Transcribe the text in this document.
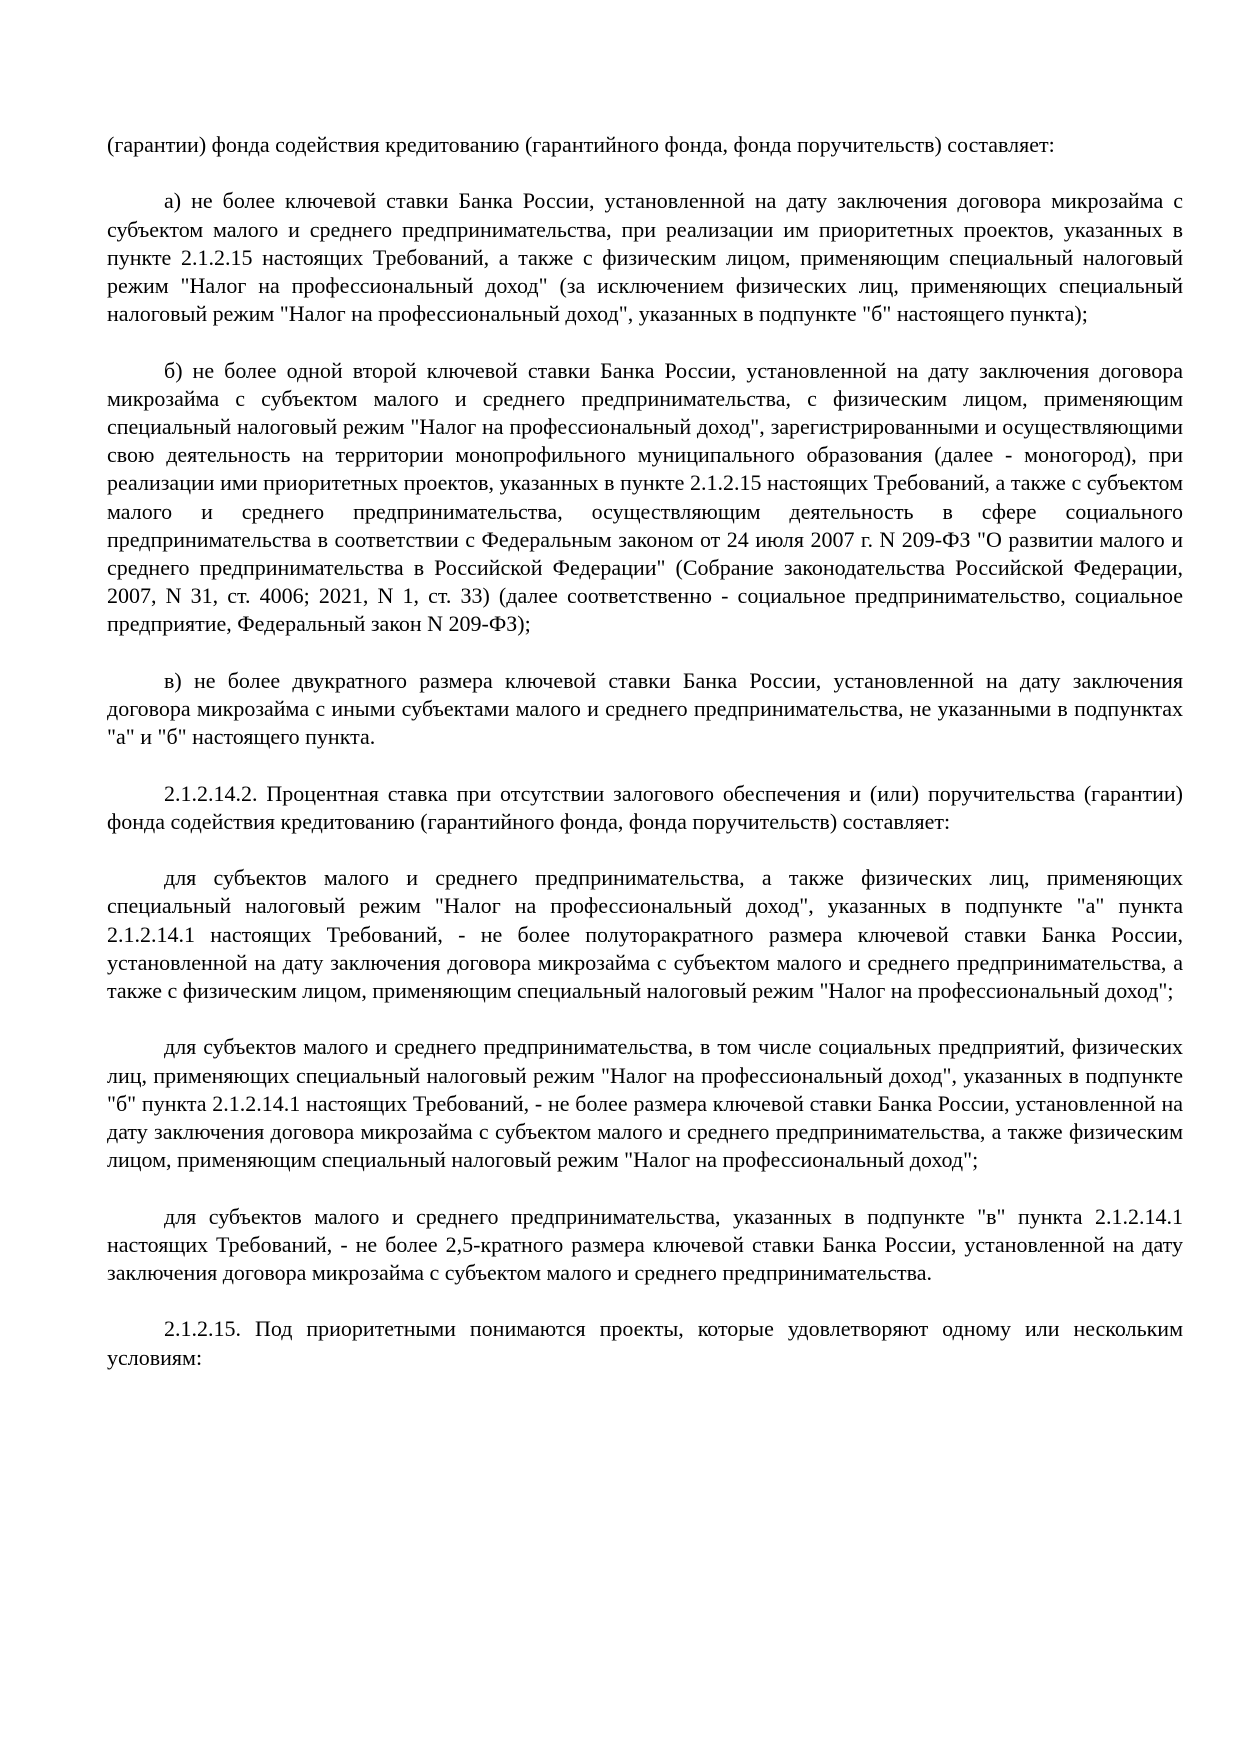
(гарантии) фонда содействия кредитованию (гарантийного фонда, фонда поручительств) составляет:

а) не более ключевой ставки Банка России, установленной на дату заключения договора микрозайма с субъектом малого и среднего предпринимательства, при реализации им приоритетных проектов, указанных в пункте 2.1.2.15 настоящих Требований, а также с физическим лицом, применяющим специальный налоговый режим "Налог на профессиональный доход" (за исключением физических лиц, применяющих специальный налоговый режим "Налог на профессиональный доход", указанных в подпункте "б" настоящего пункта);

б) не более одной второй ключевой ставки Банка России, установленной на дату заключения договора микрозайма с субъектом малого и среднего предпринимательства, с физическим лицом, применяющим специальный налоговый режим "Налог на профессиональный доход", зарегистрированными и осуществляющими свою деятельность на территории монопрофильного муниципального образования (далее - моногород), при реализации ими приоритетных проектов, указанных в пункте 2.1.2.15 настоящих Требований, а также с субъектом малого и среднего предпринимательства, осуществляющим деятельность в сфере социального предпринимательства в соответствии с Федеральным законом от 24 июля 2007 г. N 209-ФЗ "О развитии малого и среднего предпринимательства в Российской Федерации" (Собрание законодательства Российской Федерации, 2007, N 31, ст. 4006; 2021, N 1, ст. 33) (далее соответственно - социальное предпринимательство, социальное предприятие, Федеральный закон N 209-ФЗ);

в) не более двукратного размера ключевой ставки Банка России, установленной на дату заключения договора микрозайма с иными субъектами малого и среднего предпринимательства, не указанными в подпунктах "а" и "б" настоящего пункта.

2.1.2.14.2. Процентная ставка при отсутствии залогового обеспечения и (или) поручительства (гарантии) фонда содействия кредитованию (гарантийного фонда, фонда поручительств) составляет:

для субъектов малого и среднего предпринимательства, а также физических лиц, применяющих специальный налоговый режим "Налог на профессиональный доход", указанных в подпункте "а" пункта 2.1.2.14.1 настоящих Требований, - не более полуторакратного размера ключевой ставки Банка России, установленной на дату заключения договора микрозайма с субъектом малого и среднего предпринимательства, а также с физическим лицом, применяющим специальный налоговый режим "Налог на профессиональный доход";

для субъектов малого и среднего предпринимательства, в том числе социальных предприятий, физических лиц, применяющих специальный налоговый режим "Налог на профессиональный доход", указанных в подпункте "б" пункта 2.1.2.14.1 настоящих Требований, - не более размера ключевой ставки Банка России, установленной на дату заключения договора микрозайма с субъектом малого и среднего предпринимательства, а также физическим лицом, применяющим специальный налоговый режим "Налог на профессиональный доход";

для субъектов малого и среднего предпринимательства, указанных в подпункте "в" пункта 2.1.2.14.1 настоящих Требований, - не более 2,5-кратного размера ключевой ставки Банка России, установленной на дату заключения договора микрозайма с субъектом малого и среднего предпринимательства.

2.1.2.15. Под приоритетными понимаются проекты, которые удовлетворяют одному или нескольким условиям:
